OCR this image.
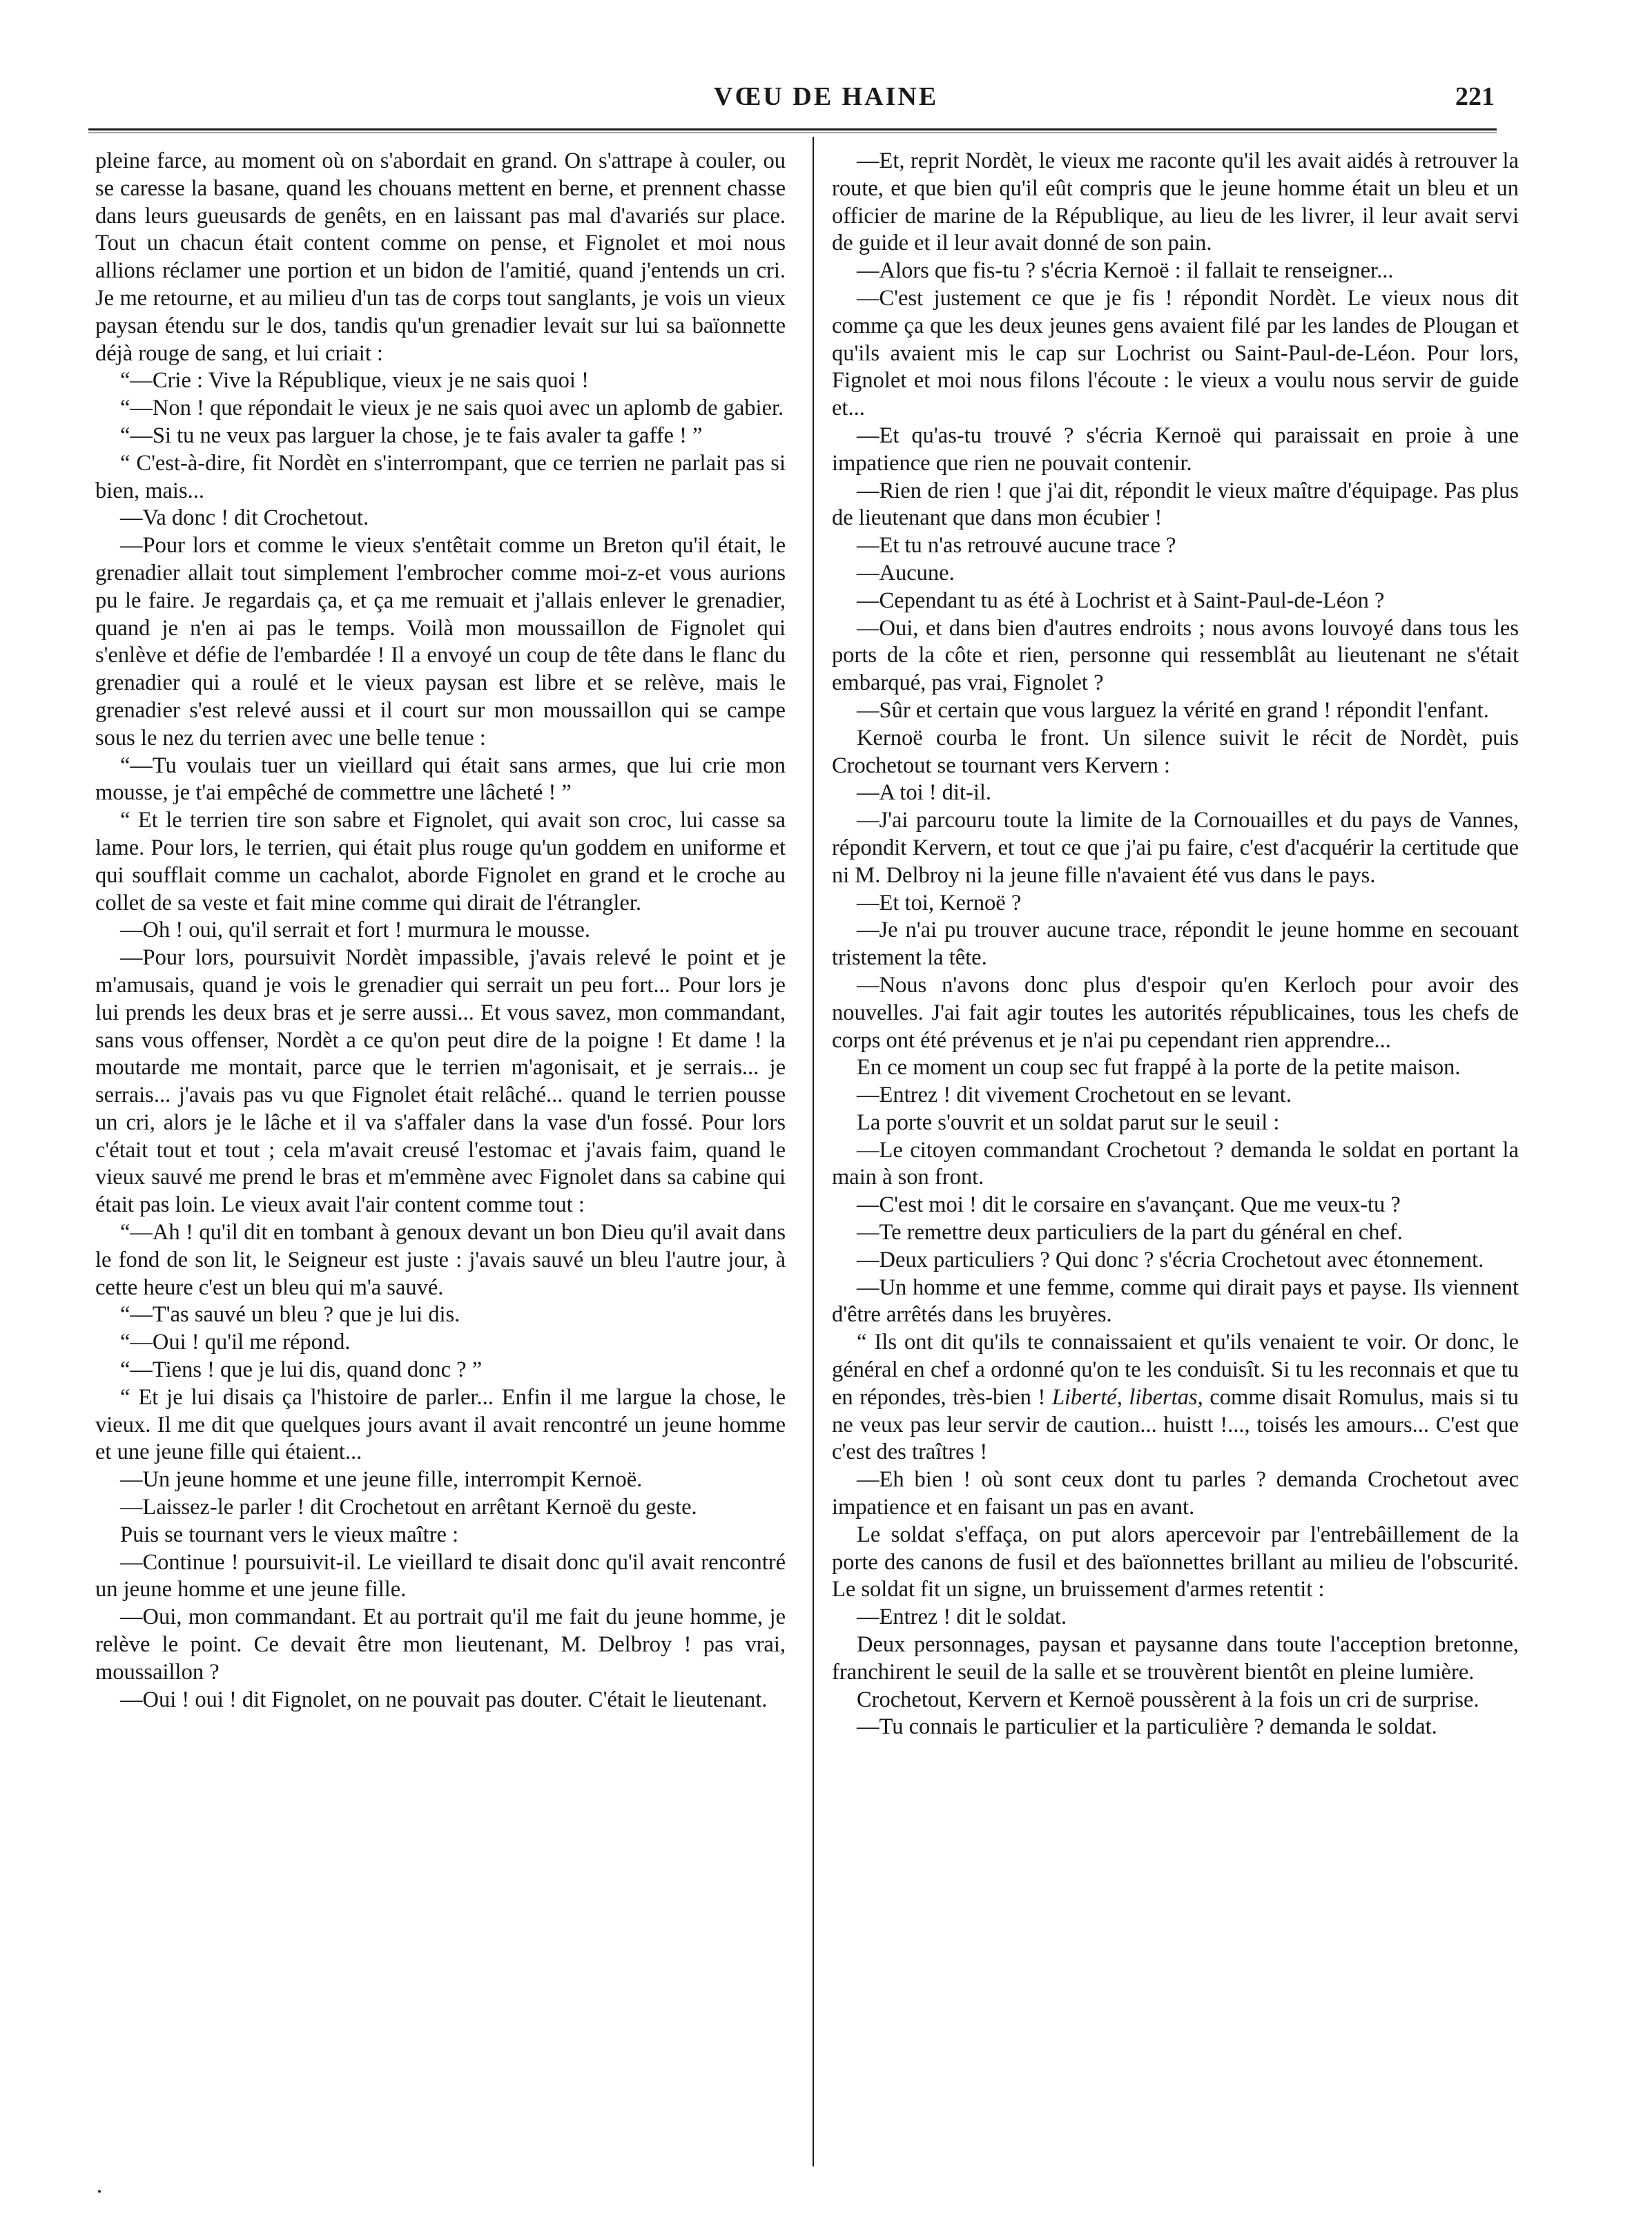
VŒU DE HAINE	221

pleine farce, au moment où on s'abordait en grand. On s'attrape à couler, ou se caresse la basane, quand les chouans mettent en berne, et prennent chasse dans leurs gueusards de genêts, en en laissant pas mal d'avariés sur place. Tout un chacun était content comme on pense, et Fignolet et moi nous allions réclamer une portion et un bidon de l'amitié, quand j'entends un cri. Je me retourne, et au milieu d'un tas de corps tout sanglants, je vois un vieux paysan étendu sur le dos, tandis qu'un grenadier levait sur lui sa baïonnette déjà rouge de sang, et lui criait :

“—Crie : Vive la République, vieux je ne sais quoi !

“—Non ! que répondait le vieux je ne sais quoi avec un aplomb de gabier.

“—Si tu ne veux pas larguer la chose, je te fais avaler ta gaffe ! ”

“ C'est-à-dire, fit Nordèt en s'interrompant, que ce terrien ne parlait pas si bien, mais...

—Va donc ! dit Crochetout.

—Pour lors et comme le vieux s'entêtait comme un Breton qu'il était, le grenadier allait tout simplement l'embrocher comme moi-z-et vous aurions pu le faire. Je regardais ça, et ça me remuait et j'allais enlever le grenadier, quand je n'en ai pas le temps. Voilà mon moussaillon de Fignolet qui s'enlève et défie de l'embardée ! Il a envoyé un coup de tête dans le flanc du grenadier qui a roulé et le vieux paysan est libre et se relève, mais le grenadier s'est relevé aussi et il court sur mon moussaillon qui se campe sous le nez du terrien avec une belle tenue :

“—Tu voulais tuer un vieillard qui était sans armes, que lui crie mon mousse, je t'ai empêché de commettre une lâcheté ! ”

“ Et le terrien tire son sabre et Fignolet, qui avait son croc, lui casse sa lame. Pour lors, le terrien, qui était plus rouge qu'un goddem en uniforme et qui soufflait comme un cachalot, aborde Fignolet en grand et le croche au collet de sa veste et fait mine comme qui dirait de l'étrangler.

—Oh ! oui, qu'il serrait et fort ! murmura le mousse.

—Pour lors, poursuivit Nordèt impassible, j'avais relevé le point et je m'amusais, quand je vois le grenadier qui serrait un peu fort... Pour lors je lui prends les deux bras et je serre aussi... Et vous savez, mon commandant, sans vous offenser, Nordèt a ce qu'on peut dire de la poigne ! Et dame ! la moutarde me montait, parce que le terrien m'agonisait, et je serrais... je serrais... j'avais pas vu que Fignolet était relâché... quand le terrien pousse un cri, alors je le lâche et il va s'affaler dans la vase d'un fossé. Pour lors c'était tout et tout ; cela m'avait creusé l'estomac et j'avais faim, quand le vieux sauvé me prend le bras et m'emmène avec Fignolet dans sa cabine qui était pas loin. Le vieux avait l'air content comme tout :

“—Ah ! qu'il dit en tombant à genoux devant un bon Dieu qu'il avait dans le fond de son lit, le Seigneur est juste : j'avais sauvé un bleu l'autre jour, à cette heure c'est un bleu qui m'a sauvé.

“—T'as sauvé un bleu ? que je lui dis.

“—Oui ! qu'il me répond.

“—Tiens ! que je lui dis, quand donc ? ”

“ Et je lui disais ça l'histoire de parler... Enfin il me largue la chose, le vieux. Il me dit que quelques jours avant il avait rencontré un jeune homme et une jeune fille qui étaient...

—Un jeune homme et une jeune fille, interrompit Kernoë.

—Laissez-le parler ! dit Crochetout en arrêtant Kernoë du geste.

Puis se tournant vers le vieux maître :

—Continue ! poursuivit-il. Le vieillard te disait donc qu'il avait rencontré un jeune homme et une jeune fille.

—Oui, mon commandant. Et au portrait qu'il me fait du jeune homme, je relève le point. Ce devait être mon lieutenant, M. Delbroy ! pas vrai, moussaillon ?

—Oui ! oui ! dit Fignolet, on ne pouvait pas douter. C'était le lieutenant.

—Et, reprit Nordèt, le vieux me raconte qu'il les avait aidés à retrouver la route, et que bien qu'il eût compris que le jeune homme était un bleu et un officier de marine de la République, au lieu de les livrer, il leur avait servi de guide et il leur avait donné de son pain.

—Alors que fis-tu ? s'écria Kernoë : il fallait te renseigner...

—C'est justement ce que je fis ! répondit Nordèt. Le vieux nous dit comme ça que les deux jeunes gens avaient filé par les landes de Plougan et qu'ils avaient mis le cap sur Lochrist ou Saint-Paul-de-Léon. Pour lors, Fignolet et moi nous filons l'écoute : le vieux a voulu nous servir de guide et...

—Et qu'as-tu trouvé ? s'écria Kernoë qui paraissait en proie à une impatience que rien ne pouvait contenir.

—Rien de rien ! que j'ai dit, répondit le vieux maître d'équipage. Pas plus de lieutenant que dans mon écubier !

—Et tu n'as retrouvé aucune trace ?

—Aucune.

—Cependant tu as été à Lochrist et à Saint-Paul-de-Léon ?

—Oui, et dans bien d'autres endroits ; nous avons louvoyé dans tous les ports de la côte et rien, personne qui ressemblât au lieutenant ne s'était embarqué, pas vrai, Fignolet ?

—Sûr et certain que vous larguez la vérité en grand ! répondit l'enfant.

Kernoë courba le front. Un silence suivit le récit de Nordèt, puis Crochetout se tournant vers Kervern :

—A toi ! dit-il.

—J'ai parcouru toute la limite de la Cornouailles et du pays de Vannes, répondit Kervern, et tout ce que j'ai pu faire, c'est d'acquérir la certitude que ni M. Delbroy ni la jeune fille n'avaient été vus dans le pays.

—Et toi, Kernoë ?

—Je n'ai pu trouver aucune trace, répondit le jeune homme en secouant tristement la tête.

—Nous n'avons donc plus d'espoir qu'en Kerloch pour avoir des nouvelles. J'ai fait agir toutes les autorités républicaines, tous les chefs de corps ont été prévenus et je n'ai pu cependant rien apprendre...

En ce moment un coup sec fut frappé à la porte de la petite maison.

—Entrez ! dit vivement Crochetout en se levant.

La porte s'ouvrit et un soldat parut sur le seuil :

—Le citoyen commandant Crochetout ? demanda le soldat en portant la main à son front.

—C'est moi ! dit le corsaire en s'avançant. Que me veux-tu ?

—Te remettre deux particuliers de la part du général en chef.

—Deux particuliers ? Qui donc ? s'écria Crochetout avec étonnement.

—Un homme et une femme, comme qui dirait pays et payse. Ils viennent d'être arrêtés dans les bruyères.

“ Ils ont dit qu'ils te connaissaient et qu'ils venaient te voir. Or donc, le général en chef a ordonné qu'on te les conduisît. Si tu les reconnais et que tu en répondes, très-bien ! Liberté, libertas, comme disait Romulus, mais si tu ne veux pas leur servir de caution... huistt !..., toisés les amours... C'est que c'est des traîtres !

—Eh bien ! où sont ceux dont tu parles ? demanda Crochetout avec impatience et en faisant un pas en avant.

Le soldat s'effaça, on put alors apercevoir par l'entrebâillement de la porte des canons de fusil et des baïonnettes brillant au milieu de l'obscurité. Le soldat fit un signe, un bruissement d'armes retentit :

—Entrez ! dit le soldat.

Deux personnages, paysan et paysanne dans toute l'acception bretonne, franchirent le seuil de la salle et se trouvèrent bientôt en pleine lumière.

Crochetout, Kervern et Kernoë poussèrent à la fois un cri de surprise.

—Tu connais le particulier et la particulière ? demanda le soldat.
